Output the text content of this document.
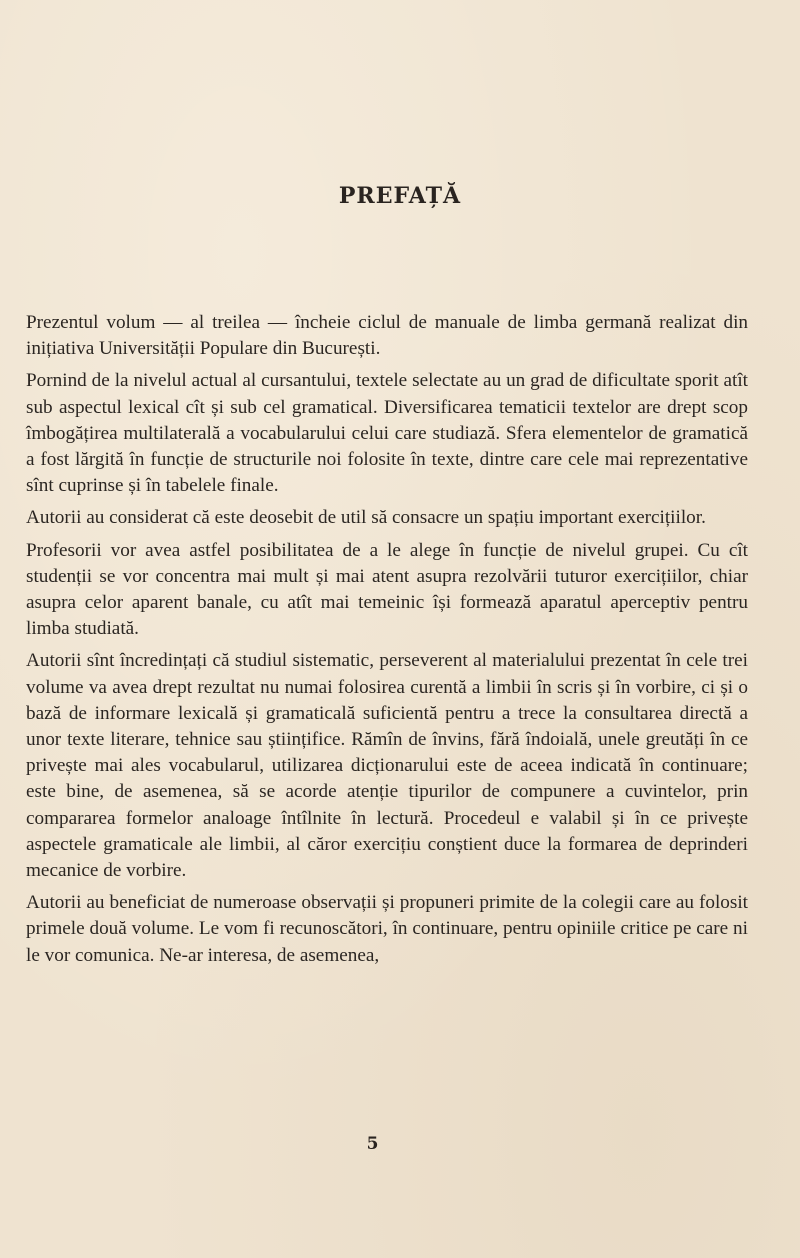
PREFAȚĂ

Prezentul volum — al treilea — încheie ciclul de manuale de limba germană realizat din inițiativa Universității Populare din București.

Pornind de la nivelul actual al cursantului, textele selectate au un grad de dificultate sporit atît sub aspectul lexical cît și sub cel gramatical. Diversificarea tematicii textelor are drept scop îmbogățirea multilaterală a vocabularului celui care studiază. Sfera elementelor de gramatică a fost lărgită în funcție de structurile noi folosite în texte, dintre care cele mai reprezentative sînt cuprinse și în tabelele finale.

Autorii au considerat că este deosebit de util să consacre un spațiu important exercițiilor.

Profesorii vor avea astfel posibilitatea de a le alege în funcție de nivelul grupei. Cu cît studenții se vor concentra mai mult și mai atent asupra rezolvării tuturor exercițiilor, chiar asupra celor aparent banale, cu atît mai temeinic își formează aparatul aperceptiv pentru limba studiată.

Autorii sînt încredințați că studiul sistematic, perseverent al materialului prezentat în cele trei volume va avea drept rezultat nu numai folosirea curentă a limbii în scris și în vorbire, ci și o bază de informare lexicală și gramaticală suficientă pentru a trece la consultarea directă a unor texte literare, tehnice sau științifice. Rămîn de învins, fără îndoială, unele greutăți în ce privește mai ales vocabularul, utilizarea dicționarului este de aceea indicată în continuare; este bine, de asemenea, să se acorde atenție tipurilor de compunere a cuvintelor, prin compararea formelor analoage întîlnite în lectură. Procedeul e valabil și în ce privește aspectele gramaticale ale limbii, al căror exercițiu conștient duce la formarea de deprinderi mecanice de vorbire.

Autorii au beneficiat de numeroase observații și propuneri primite de la colegii care au folosit primele două volume. Le vom fi recunoscători, în continuare, pentru opiniile critice pe care ni le vor comunica. Ne-ar interesa, de asemenea,

5
